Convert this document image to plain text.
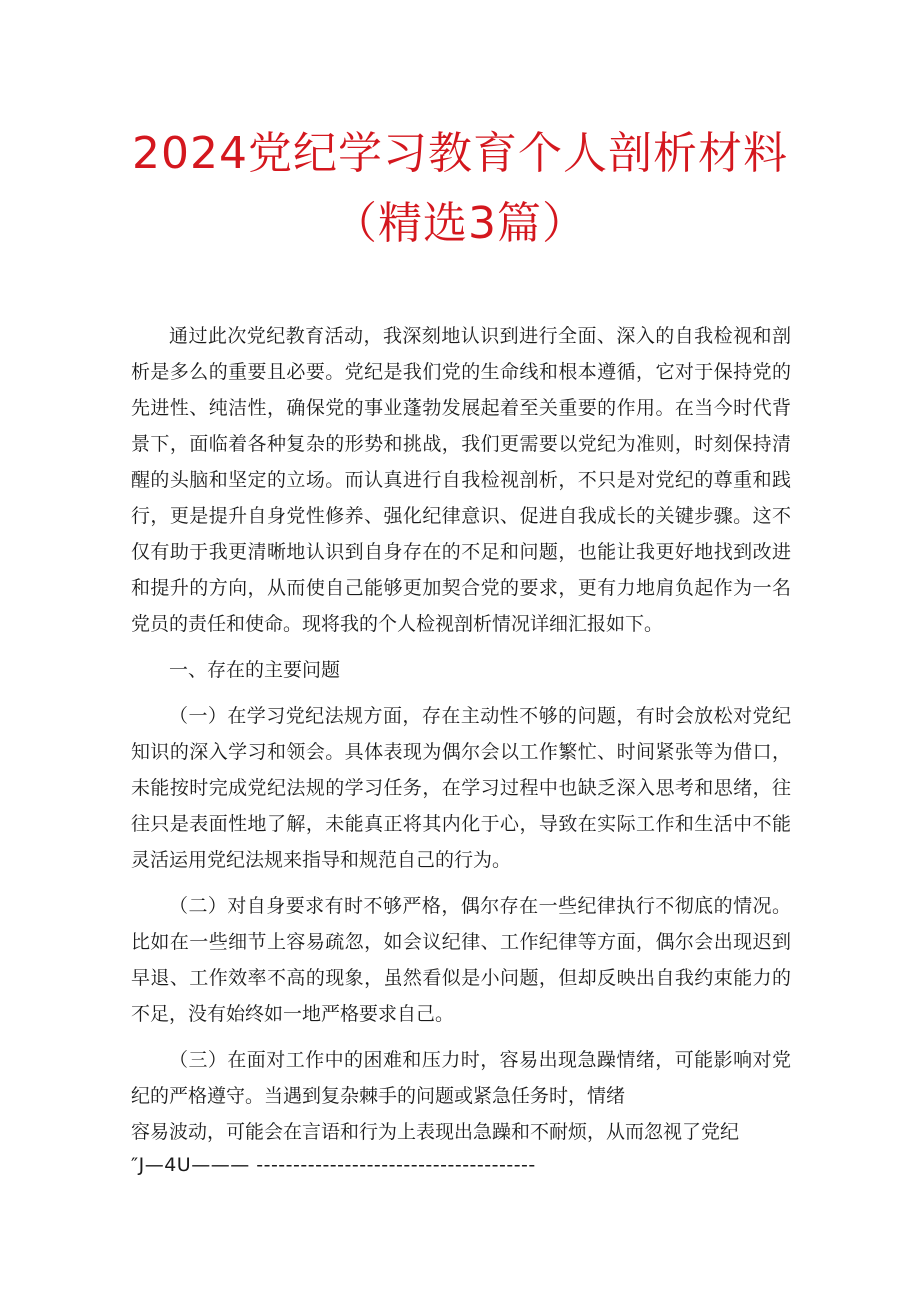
2024党纪学习教育个人剖析材料
（精选3篇）

通过此次党纪教育活动，我深刻地认识到进行全面、深入的自我检视和剖析是多么的重要且必要。党纪是我们党的生命线和根本遵循，它对于保持党的先进性、纯洁性，确保党的事业蓬勃发展起着至关重要的作用。在当今时代背景下，面临着各种复杂的形势和挑战，我们更需要以党纪为准则，时刻保持清醒的头脑和坚定的立场。而认真进行自我检视剖析，不只是对党纪的尊重和践行，更是提升自身党性修养、强化纪律意识、促进自我成长的关键步骤。这不仅有助于我更清晰地认识到自身存在的不足和问题，也能让我更好地找到改进和提升的方向，从而使自己能够更加契合党的要求，更有力地肩负起作为一名党员的责任和使命。现将我的个人检视剖析情况详细汇报如下。

一、存在的主要问题

（一）在学习党纪法规方面，存在主动性不够的问题，有时会放松对党纪知识的深入学习和领会。具体表现为偶尔会以工作繁忙、时间紧张等为借口，未能按时完成党纪法规的学习任务，在学习过程中也缺乏深入思考和思绪，往往只是表面性地了解，未能真正将其内化于心，导致在实际工作和生活中不能灵活运用党纪法规来指导和规范自己的行为。

（二）对自身要求有时不够严格，偶尔存在一些纪律执行不彻底的情况。比如在一些细节上容易疏忽，如会议纪律、工作纪律等方面，偶尔会出现迟到早退、工作效率不高的现象，虽然看似是小问题，但却反映出自我约束能力的不足，没有始终如一地严格要求自己。

（三）在面对工作中的困难和压力时，容易出现急躁情绪，可能影响对党纪的严格遵守。当遇到复杂棘手的问题或紧急任务时，情绪

容易波动，可能会在言语和行为上表现出急躁和不耐烦，从而忽视了党纪

″J—4U——— --------------------------------------
